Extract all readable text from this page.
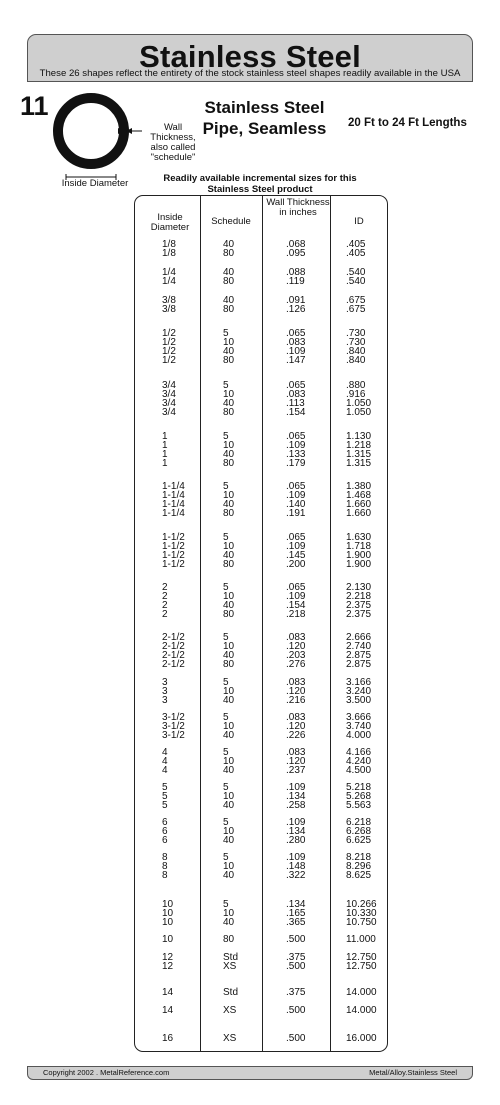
Stainless Steel
These 26 shapes reflect the entirety of the stock stainless steel shapes readily available in the USA
11
Wall Thickness, also called "schedule"
Inside Diameter
Stainless Steel Pipe, Seamless	20 Ft to 24 Ft Lengths
Readily available incremental sizes for this Stainless Steel product
Inside Diameter
Schedule
Wall Thickness in inches
ID
1/8	40	.068	.405
1/8	80	.095	.405
1/4	40	.088	.540
1/4	80	.119	.540
3/8	40	.091	.675
3/8	80	.126	.675
1/2	5	.065	.730
1/2	10	.083	.730
1/2	40	.109	.840
1/2	80	.147	.840
3/4	5	.065	.880
3/4	10	.083	.916
3/4	40	.113	1.050
3/4	80	.154	1.050
1	5	.065	1.130
1	10	.109	1.218
1	40	.133	1.315
1	80	.179	1.315
1-1/4	5	.065	1.380
1-1/4	10	.109	1.468
1-1/4	40	.140	1.660
1-1/4	80	.191	1.660
1-1/2	5	.065	1.630
1-1/2	10	.109	1.718
1-1/2	40	.145	1.900
1-1/2	80	.200	1.900
2	5	.065	2.130
2	10	.109	2.218
2	40	.154	2.375
2	80	.218	2.375
2-1/2	5	.083	2.666
2-1/2	10	.120	2.740
2-1/2	40	.203	2.875
2-1/2	80	.276	2.875
3	5	.083	3.166
3	10	.120	3.240
3	40	.216	3.500
3-1/2	5	.083	3.666
3-1/2	10	.120	3.740
3-1/2	40	.226	4.000
4	5	.083	4.166
4	10	.120	4.240
4	40	.237	4.500
5	5	.109	5.218
5	10	.134	5.268
5	40	.258	5.563
6	5	.109	6.218
6	10	.134	6.268
6	40	.280	6.625
8	5	.109	8.218
8	10	.148	8.296
8	40	.322	8.625
10	5	.134	10.266
10	10	.165	10.330
10	40	.365	10.750
10	80	.500	11.000
12	Std	.375	12.750
12	XS	.500	12.750
14	Std	.375	14.000
14	XS	.500	14.000
16	XS	.500	16.000
Copyright 2002 . MetalReference.com	Metal/Alloy.Stainless Steel
